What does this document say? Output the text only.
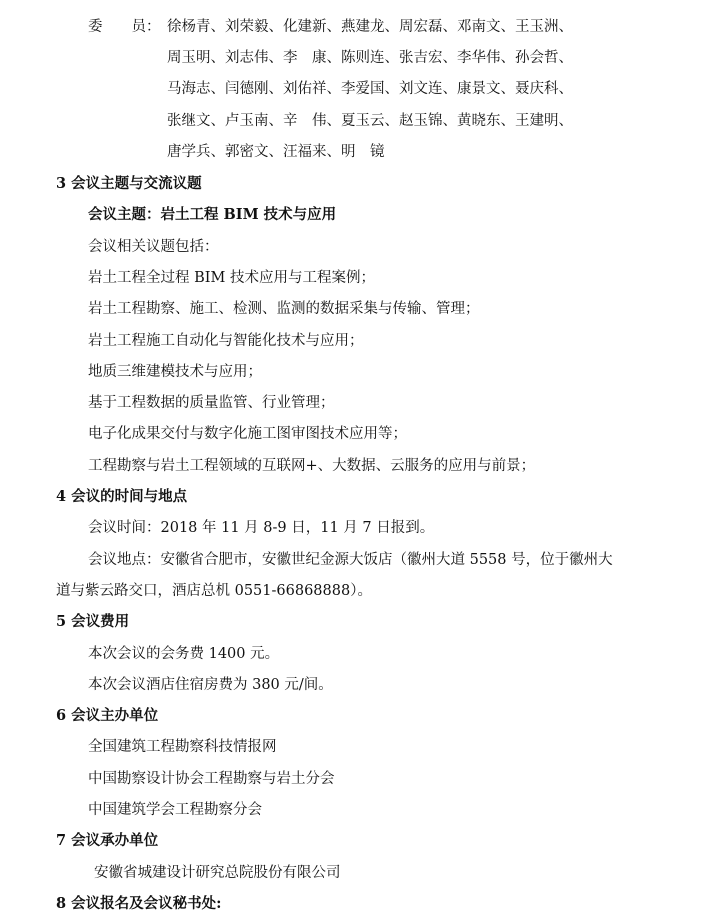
委　　员： 徐杨青、刘荣毅、化建新、燕建龙、周宏磊、邓南文、王玉洲、
周玉明、刘志伟、李　康、陈则连、张吉宏、李华伟、孙会哲、
马海志、闫德刚、刘佑祥、李爱国、刘文连、康景文、聂庆科、
张继文、卢玉南、辛　伟、夏玉云、赵玉锦、黄晓东、王建明、
唐学兵、郭密文、汪福来、明　镜
3 会议主题与交流议题
会议主题：岩土工程 BIM 技术与应用
会议相关议题包括：
岩土工程全过程 BIM 技术应用与工程案例；
岩土工程勘察、施工、检测、监测的数据采集与传输、管理；
岩土工程施工自动化与智能化技术与应用；
地质三维建模技术与应用；
基于工程数据的质量监管、行业管理；
电子化成果交付与数字化施工图审图技术应用等；
工程勘察与岩土工程领域的互联网+、大数据、云服务的应用与前景；
4 会议的时间与地点
会议时间：2018 年 11 月 8-9 日，11 月 7 日报到。
会议地点：安徽省合肥市，安徽世纪金源大饭店（徽州大道 5558 号，位于徽州大
道与紫云路交口，酒店总机 0551-66868888）。
5 会议费用
本次会议的会务费 1400 元。
本次会议酒店住宿房费为 380 元/间。
6 会议主办单位
全国建筑工程勘察科技情报网
中国勘察设计协会工程勘察与岩土分会
中国建筑学会工程勘察分会
7 会议承办单位
安徽省城建设计研究总院股份有限公司
8 会议报名及会议秘书处:
